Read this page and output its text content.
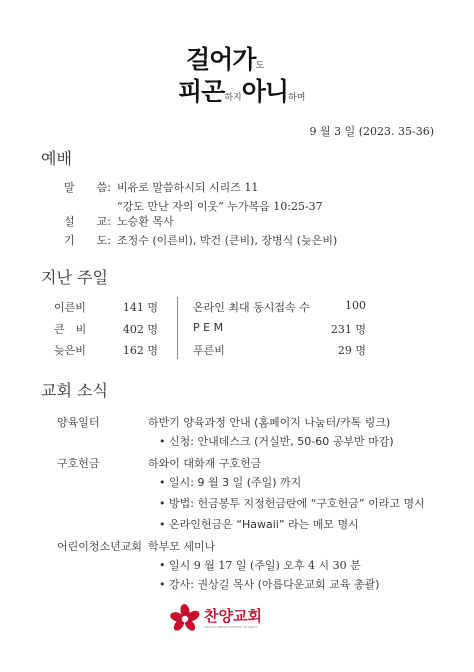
걸어가도
피곤하지아니하며
9 월 3 일 (2023. 35-36)
예배
말　　씀: 비유로 말씀하시되 시리즈 11
“강도 만난 자의 이웃” 누가복음 10:25-37
설　　교: 노승환 목사
기　　도: 조정수 (이른비), 박건 (큰비), 장병식 (늦은비)
지난 주일
이른비	141 명
큰　비	402 명
늦은비	162 명
온라인 최대 동시접속 수	100
P E M	231 명
푸른비	29 명
교회 소식
양육일터	하반기 양육과정 안내 (홈페이지 나눔터/카톡 링크)
• 신청: 안내데스크 (거실반, 50-60 공부반 마감)
구호헌금	하와이 대화재 구호헌금
• 일시: 9 월 3 일 (주일) 까지
• 방법: 헌금봉투 지정헌금란에 “구호헌금” 이라고 명시
• 온라인헌금은 “Hawaii” 라는 메모 명시
어린이청소년교회 학부모 세미나
• 일시 9 월 17 일 (주일) 오후 4 시 30 분
• 강사: 권상길 목사 (아름다운교회 교육 총괄)
찬양교회
PRAISE PRESBYTERIAN CHURCH
